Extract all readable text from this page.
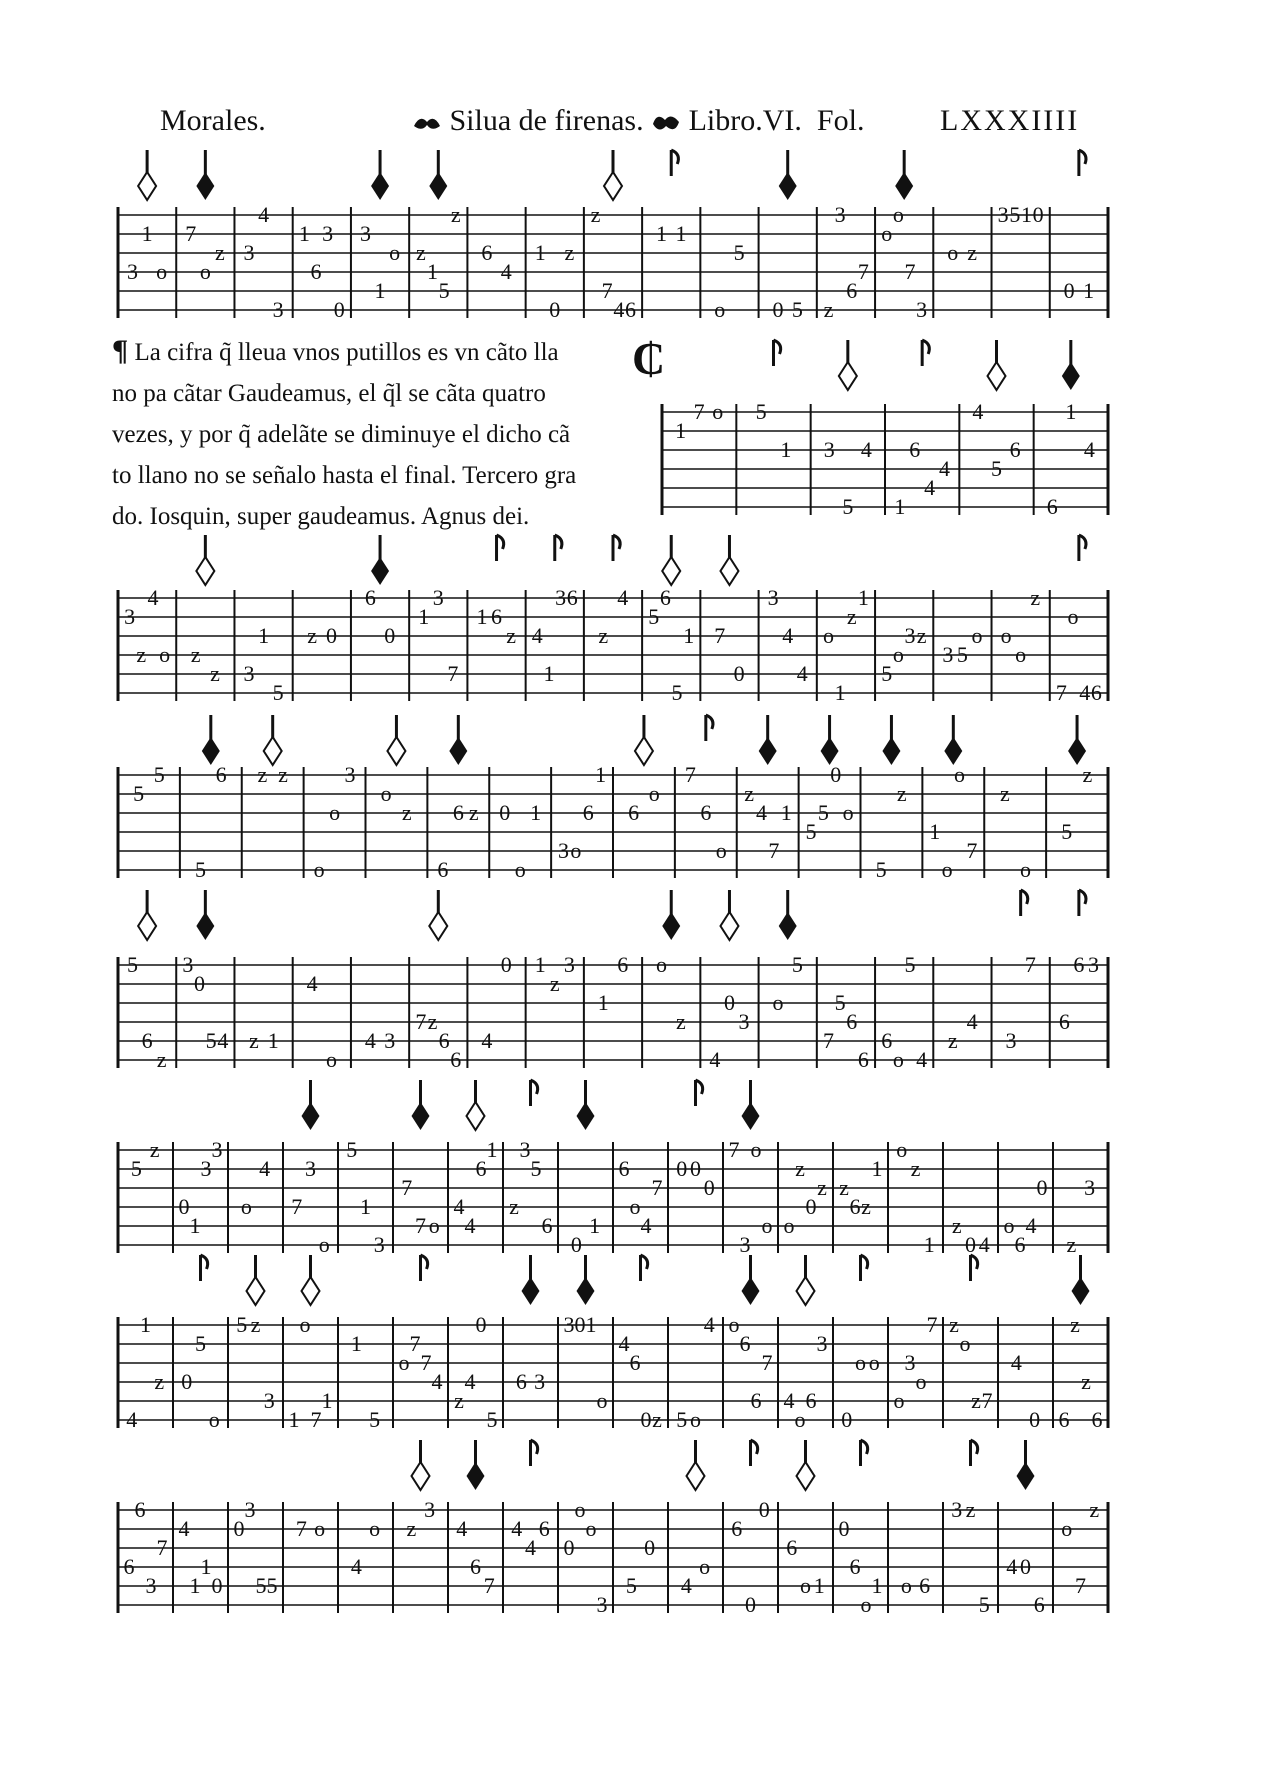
Morales.	Silua de firenas. Libro.VI. Fol.	LXXXIIII
¶ La cifra q̃ lleua vnos putillos es vn cãto lla
no pa cãtar Gaudeamus, el q̃l se cãta quatro
vezes, y por q̃ adelãte se diminuye el dicho cã
to llano no se señalo hasta el final. Tercero gra
do. Iosquin, super gaudeamus. Agnus dei.
₵
3
1
o
7
o
z 3
4
3
1
6
3
0
3
1
o z
1
5
z
6
4
1
0
z
z
7
4 6
1 1
o
5
0 5 z
3
6
7
o
o
7
3
o z
3 5 1 0
0 1
1
7 o 5
1 3
5
4
1
6
4
4
4
5
6
6
1
4
3
z
4
o z
z 3
1
5
z 0
6
0
1
3
7
1 6
z 4
1
3 6
z
4
5
6
5
1 7
0
3
4
4
o
1
z
1
5
o
3 z
3 5
o o
o
z
7
o
4 6
5
5
5
6 z z
o
o
3
o
z
6
6 z 0
o
1
3 o
6
1
6
o
7
6
o
z
4
7
1
5
5
0
o
5
z
1
o
o
7
z
o
5
z
5
6
z
3
0
5 4 z 1
4
o
4 3
7 z
6
6
4
0 1
z
3
1
6 o
z
4
0
3
o
5
7
5
6
6
6
o
5
4
z
4
3
7
6
6 3
5
z
0
1
3
3
o
4
7
3
o
5
1
3
7
7 o
4
4
6
1
z
3
5
6
0
1
6
o
4
7
0 0
0
7
3
o
o o
z
0
z z
6 z
1
o
z
1
z
0 4
o
6
4
0
z
3
4
1
z 0
5
o
5 z
3
1
o
7
1
1
5
o
7
7
4
z
4
0
5
6 3
3 0 1
o
4
6
0 z 5 o
4 o
6
6
7
4
o
6
3
0
o o
o
3
o
7 z
o
z 7
4
0 6
z
z
6
6
6
3
7
4
1
1
0
0
3
5 5
7 o
4
o z
3
4
6
7
4
4
6
0
o
o
3
5
0
4
o
6
0
0
6
o 1
0
6
o
1 o 6
3 z
5
4 0
6
o
7
z
